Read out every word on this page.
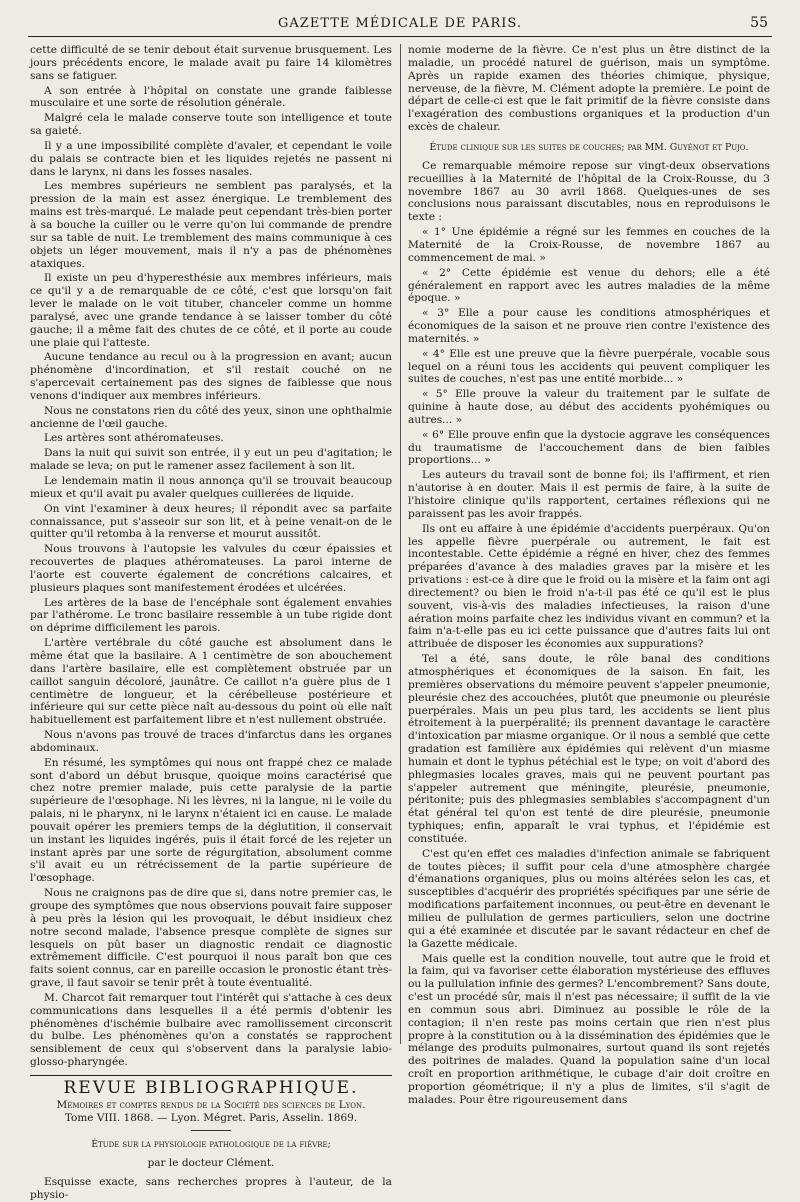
GAZETTE MÉDICALE DE PARIS.	55

cette difficulté de se tenir debout était survenue brusquement. Les jours précédents encore, le malade avait pu faire 14 kilomètres sans se fatiguer.

A son entrée à l'hôpital on constate une grande faiblesse musculaire et une sorte de résolution générale.

Malgré cela le malade conserve toute son intelligence et toute sa gaieté.

Il y a une impossibilité complète d'avaler, et cependant le voile du palais se contracte bien et les liquides rejetés ne passent ni dans le larynx, ni dans les fosses nasales.

Les membres supérieurs ne semblent pas paralysés, et la pression de la main est assez énergique. Le tremblement des mains est très-marqué. Le malade peut cependant très-bien porter à sa bouche la cuiller ou le verre qu'on lui commande de prendre sur sa table de nuit. Le tremblement des mains communique à ces objets un léger mouvement, mais il n'y a pas de phénomènes ataxiques.

Il existe un peu d'hyperesthésie aux membres inférieurs, mais ce qu'il y a de remarquable de ce côté, c'est que lorsqu'on fait lever le malade on le voit tituber, chanceler comme un homme paralysé, avec une grande tendance à se laisser tomber du côté gauche; il a même fait des chutes de ce côté, et il porte au coude une plaie qui l'atteste.

Aucune tendance au recul ou à la progression en avant; aucun phénomène d'incordination, et s'il restait couché on ne s'apercevait certainement pas des signes de faiblesse que nous venons d'indiquer aux membres inférieurs.

Nous ne constatons rien du côté des yeux, sinon une ophthalmie ancienne de l'œil gauche.

Les artères sont athéromateuses.

Dans la nuit qui suivit son entrée, il y eut un peu d'agitation; le malade se leva; on put le ramener assez facilement à son lit.

Le lendemain matin il nous annonça qu'il se trouvait beaucoup mieux et qu'il avait pu avaler quelques cuillerées de liquide.

On vint l'examiner à deux heures; il répondit avec sa parfaite connaissance, put s'asseoir sur son lit, et à peine venait-on de le quitter qu'il retomba à la renverse et mourut aussitôt.

Nous trouvons à l'autopsie les valvules du cœur épaissies et recouvertes de plaques athéromateuses. La paroi interne de l'aorte est couverte également de concrétions calcaires, et plusieurs plaques sont manifestement érodées et ulcérées.

Les artères de la base de l'encéphale sont également envahies par l'athérome. Le tronc basilaire ressemble à un tube rigide dont on déprime difficilement les parois.

L'artère vertébrale du côté gauche est absolument dans le même état que la basilaire. A 1 centimètre de son abouchement dans l'artère basilaire, elle est complètement obstruée par un caillot sanguin décoloré, jaunâtre. Ce caillot n'a guère plus de 1 centimètre de longueur, et la cérébelleuse postérieure et inférieure qui sur cette pièce naît au-dessous du point où elle naît habituellement est parfaitement libre et n'est nullement obstruée.

Nous n'avons pas trouvé de traces d'infarctus dans les organes abdominaux.

En résumé, les symptômes qui nous ont frappé chez ce malade sont d'abord un début brusque, quoique moins caractérisé que chez notre premier malade, puis cette paralysie de la partie supérieure de l'œsophage. Ni les lèvres, ni la langue, ni le voile du palais, ni le pharynx, ni le larynx n'étaient ici en cause. Le malade pouvait opérer les premiers temps de la déglutition, il conservait un instant les liquides ingérés, puis il était forcé de les rejeter un instant après par une sorte de régurgitation, absolument comme s'il avait eu un rétrécissement de la partie supérieure de l'œsophage.

Nous ne craignons pas de dire que si, dans notre premier cas, le groupe des symptômes que nous observions pouvait faire supposer à peu près la lésion qui les provoquait, le début insidieux chez notre second malade, l'absence presque complète de signes sur lesquels on pût baser un diagnostic rendait ce diagnostic extrêmement difficile. C'est pourquoi il nous paraît bon que ces faits soient connus, car en pareille occasion le pronostic étant très-grave, il faut savoir se tenir prêt à toute éventualité.

M. Charcot fait remarquer tout l'intérêt qui s'attache à ces deux communications dans lesquelles il a été permis d'obtenir les phénomènes d'ischémie bulbaire avec ramollissement circonscrit du bulbe. Les phénomènes qu'on a constatés se rapprochent sensiblement de ceux qui s'observent dans la paralysie labio-glosso-pharyngée.

REVUE BIBLIOGRAPHIQUE.
Mémoires et comptes rendus de la Société des sciences de Lyon.
Tome VIII. 1868. — Lyon. Mégret. Paris, Asselin. 1869.
Étude sur la physiologie pathologique de la fièvre;
par le docteur Clément.

Esquisse exacte, sans recherches propres à l'auteur, de la physio-

nomie moderne de la fièvre. Ce n'est plus un être distinct de la maladie, un procédé naturel de guérison, mais un symptôme. Après un rapide examen des théories chimique, physique, nerveuse, de la fièvre, M. Clément adopte la première. Le point de départ de celle-ci est que le fait primitif de la fièvre consiste dans l'exagération des combustions organiques et la production d'un excès de chaleur.

Étude clinique sur les suites de couches; par MM. Guyénot et Pujo.

Ce remarquable mémoire repose sur vingt-deux observations recueillies à la Maternité de l'hôpital de la Croix-Rousse, du 3 novembre 1867 au 30 avril 1868. Quelques-unes de ses conclusions nous paraissant discutables, nous en reproduisons le texte :

« 1° Une épidémie a régné sur les femmes en couches de la Maternité de la Croix-Rousse, de novembre 1867 au commencement de mai. »

« 2° Cette épidémie est venue du dehors; elle a été généralement en rapport avec les autres maladies de la même époque. »

« 3° Elle a pour cause les conditions atmosphériques et économiques de la saison et ne prouve rien contre l'existence des maternités. »

« 4° Elle est une preuve que la fièvre puerpérale, vocable sous lequel on a réuni tous les accidents qui peuvent compliquer les suites de couches, n'est pas une entité morbide... »

« 5° Elle prouve la valeur du traitement par le sulfate de quinine à haute dose, au début des accidents pyohémiques ou autres... »

« 6° Elle prouve enfin que la dystocie aggrave les conséquences du traumatisme de l'accouchement dans de bien faibles proportions... »

Les auteurs du travail sont de bonne foi; ils l'affirment, et rien n'autorise à en douter. Mais il est permis de faire, à la suite de l'histoire clinique qu'ils rapportent, certaines réflexions qui ne paraissent pas les avoir frappés.

Ils ont eu affaire à une épidémie d'accidents puerpéraux. Qu'on les appelle fièvre puerpérale ou autrement, le fait est incontestable. Cette épidémie a régné en hiver, chez des femmes préparées d'avance à des maladies graves par la misère et les privations : est-ce à dire que le froid ou la misère et la faim ont agi directement? ou bien le froid n'a-t-il pas été ce qu'il est le plus souvent, vis-à-vis des maladies infectieuses, la raison d'une aération moins parfaite chez les individus vivant en commun? et la faim n'a-t-elle pas eu ici cette puissance que d'autres faits lui ont attribuée de disposer les économies aux suppurations?

Tel a été, sans doute, le rôle banal des conditions atmosphériques et économiques de la saison. En fait, les premières observations du mémoire peuvent s'appeler pneumonie, pleurésie chez des accouchées, plutôt que pneumonie ou pleurésie puerpérales. Mais un peu plus tard, les accidents se lient plus étroitement à la puerpéralité; ils prennent davantage le caractère d'intoxication par miasme organique. Or il nous a semblé que cette gradation est familière aux épidémies qui relèvent d'un miasme humain et dont le typhus pétéchial est le type; on voit d'abord des phlegmasies locales graves, mais qui ne peuvent pourtant pas s'appeler autrement que méningite, pleurésie, pneumonie, péritonite; puis des phlegmasies semblables s'accompagnent d'un état général tel qu'on est tenté de dire pleurésie, pneumonie typhiques; enfin, apparaît le vrai typhus, et l'épidémie est constituée.

C'est qu'en effet ces maladies d'infection animale se fabriquent de toutes pièces; il suffit pour cela d'une atmosphère chargée d'émanations organiques, plus ou moins altérées selon les cas, et susceptibles d'acquérir des propriétés spécifiques par une série de modifications parfaitement inconnues, ou peut-être en devenant le milieu de pullulation de germes particuliers, selon une doctrine qui a été examinée et discutée par le savant rédacteur en chef de la Gazette médicale.

Mais quelle est la condition nouvelle, tout autre que le froid et la faim, qui va favoriser cette élaboration mystérieuse des effluves ou la pullulation infinie des germes? L'encombrement? Sans doute, c'est un procédé sûr, mais il n'est pas nécessaire; il suffit de la vie en commun sous abri. Diminuez au possible le rôle de la contagion; il n'en reste pas moins certain que rien n'est plus propre à la constitution ou à la dissémination des épidémies que le mélange des produits pulmonaires, surtout quand ils sont rejetés des poitrines de malades. Quand la population saine d'un local croît en proportion arithmétique, le cubage d'air doit croître en proportion géométrique; il n'y a plus de limites, s'il s'agit de malades. Pour être rigoureusement dans
